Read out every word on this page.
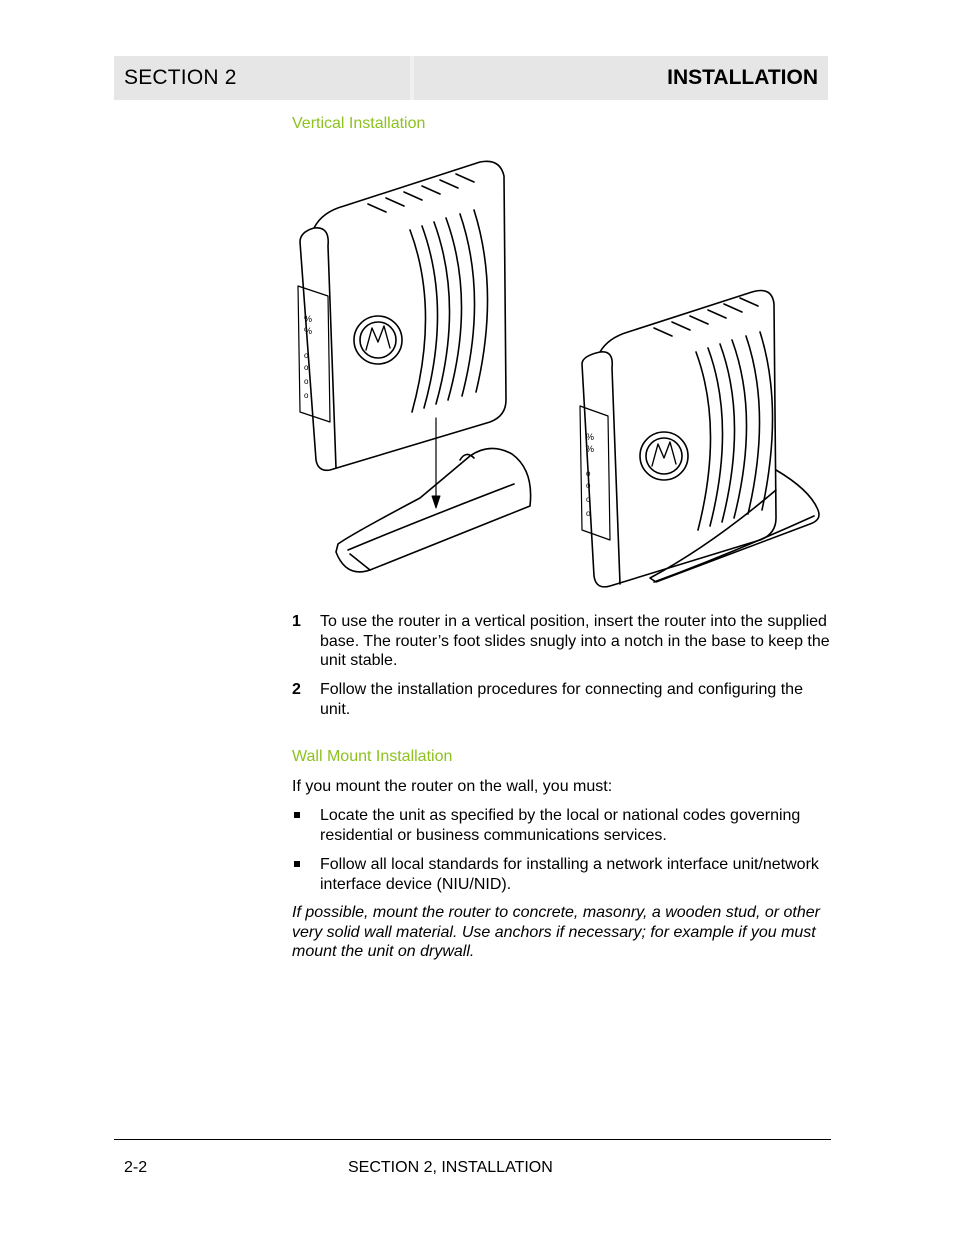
SECTION 2	INSTALLATION
Vertical Installation
%
%
o
o
o
o
%
%
o
o
o
o
1 To use the router in a vertical position, insert the router into the supplied base. The router’s foot slides snugly into a notch in the base to keep the unit stable.
2 Follow the installation procedures for connecting and configuring the unit.
Wall Mount Installation
If you mount the router on the wall, you must:
Locate the unit as specified by the local or national codes governing residential or business communications services.
Follow all local standards for installing a network interface unit/network interface device (NIU/NID).
If possible, mount the router to concrete, masonry, a wooden stud, or other very solid wall material. Use anchors if necessary; for example if you must mount the unit on drywall.
2-2	SECTION 2, INSTALLATION
